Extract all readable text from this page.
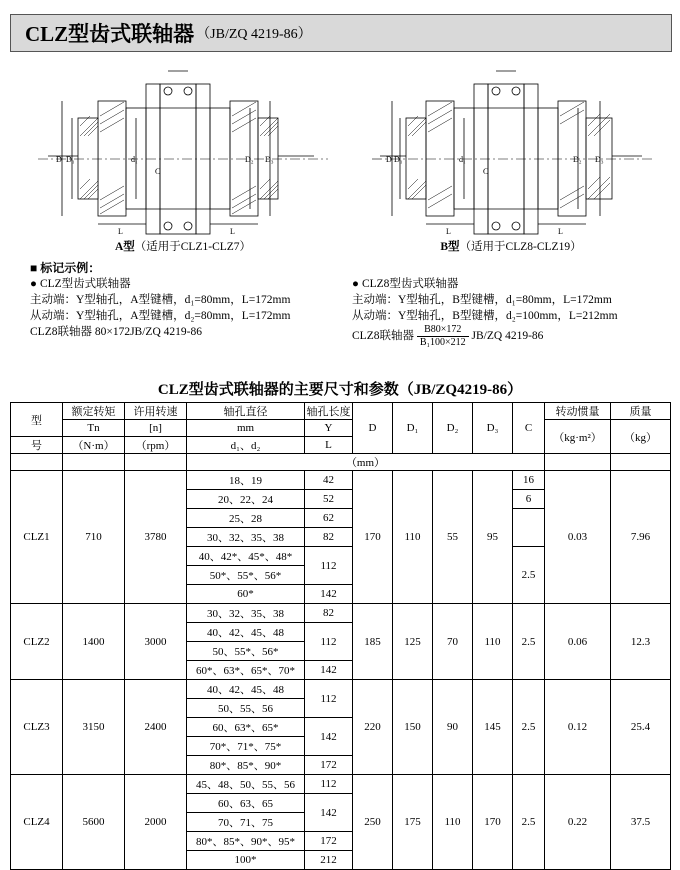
CLZ型齿式联轴器 （JB/ZQ 4219-86）
D D₁	d₁
C
D₂ D₃
L	L
A型（适用于CLZ1-CLZ7）
D D₁	d₁
C
D₂ D₃
L	L
B型（适用于CLZ8-CLZ19）
■ 标记示例：
● CLZ型齿式联轴器
主动端：Y型轴孔，A型键槽，d₁=80mm，L=172mm
从动端：Y型轴孔，A型键槽，d₂=80mm，L=172mm
CLZ8联轴器 80×172JB/ZQ 4219-86
● CLZ8型齿式联轴器
主动端：Y型轴孔，B型键槽，d₁=80mm，L=172mm
从动端：Y型轴孔，B型键槽，d₂=100mm，L=212mm
CLZ8联轴器 $\frac{B80\times 172}{\text{B₁100×212}} JB/ZQ$ 4219-86
CLZ型齿式联轴器的主要尺寸和参数（JB/ZQ4219-86）
型	额定转矩	许用转速	轴孔直径	轴孔长度	D	D₁	D₂	D₃	C	转动惯量	质量
	Tn	[n]	mm	Y						（kg·m²）	（kg）
号	（N·m）	（rpm）	d₁、d₂	L							
			（mm）								
CLZ1	710	3780	18、19	42	170	110	55	95	16	0.03	7.96
			20、22、24	52					6		
			25、28	62							
			30、32、35、38	82							
			40、42*、45*、48*	112					2.5		
			50*、55*、56*								
			60*	142							
CLZ2	1400	3000	30、32、35、38	82	185	125	70	110	2.5	0.06	12.3
			40、42、45、48	112							
			50、55*、56*								
			60*、63*、65*、70*	142							
CLZ3	3150	2400	40、42、45、48	112	220	150	90	145	2.5	0.12	25.4
			50、55、56								
			60、63*、65*	142							
			70*、71*、75*								
			80*、85*、90*	172							
CLZ4	5600	2000	45、48、50、55、56	112	250	175	110	170	2.5	0.22	37.5
			60、63、65	142							
			70、71、75								
			80*、85*、90*、95*	172							
			100*	212							
